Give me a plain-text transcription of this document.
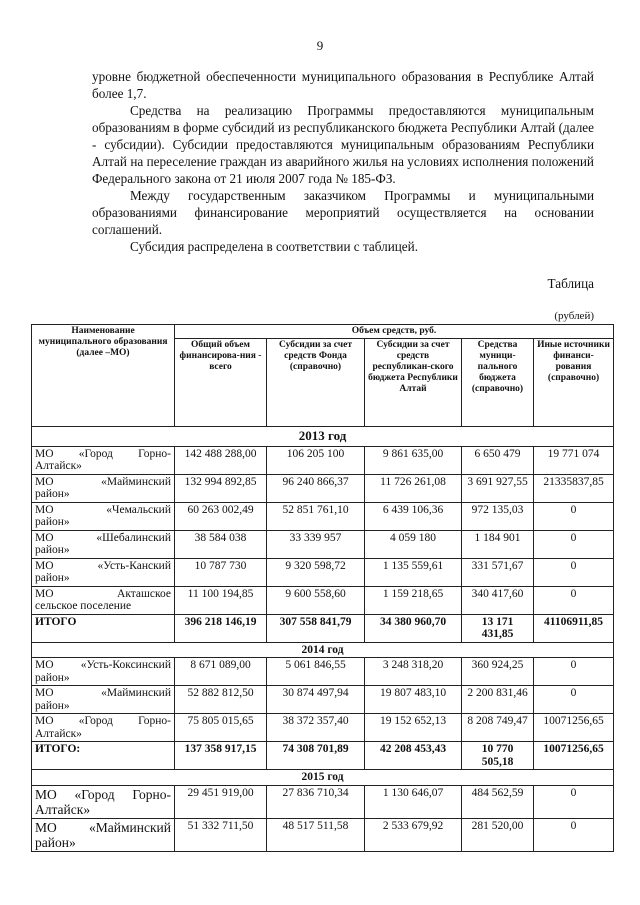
9

уровне бюджетной обеспеченности муниципального образования в Республике Алтай более 1,7.

Средства на реализацию Программы предоставляются муниципальным образованиям в форме субсидий из республиканского бюджета Республики Алтай (далее - субсидии). Субсидии предоставляются муниципальным образованиям Республики Алтай на переселение граждан из аварийного жилья на условиях исполнения положений Федерального закона от 21 июля 2007 года № 185-ФЗ.

Между государственным заказчиком Программы и муниципальными образованиями финансирование мероприятий осуществляется на основании соглашений.

Субсидия распределена в соответствии с таблицей.

Таблица
(рублей)
Наименование муниципального образования (далее –МО)	Объем средств, руб.				
	Общий объем финансирова-ния - всего	Субсидии за счет средств Фонда (справочно)	Субсидии за счет средств республикан-ского бюджета Республики Алтай	Средства муници-пального бюджета (справочно)	Иные источники финанси-рования (справочно)
2013 год					

МО «Город Горно-
Алтайск»	142 488 288,00	106 205 100	9 861 635,00	6 650 479	19 771 074

МО «Майминский
район»	132 994 892,85	96 240 866,37	11 726 261,08	3 691 927,55	21335837,85

МО «Чемальский
район»	60 263 002,49	52 851 761,10	6 439 106,36	972 135,03	0

МО «Шебалинский
район»	38 584 038	33 339 957	4 059 180	1 184 901	0

МО «Усть-Канский
район»	10 787 730	9 320 598,72	1 135 559,61	331 571,67	0

МО Акташское
сельское поселение	11 100 194,85	9 600 558,60	1 159 218,65	340 417,60	0
ИТОГО	396 218 146,19	307 558 841,79	34 380 960,70	13 171 431,85	41106911,85
2014 год					

МО «Усть-Коксинский
район»	8 671 089,00	5 061 846,55	3 248 318,20	360 924,25	0

МО «Майминский
район»	52 882 812,50	30 874 497,94	19 807 483,10	2 200 831,46	0

МО «Город Горно-
Алтайск»	75 805 015,65	38 372 357,40	19 152 652,13	8 208 749,47	10071256,65
ИТОГО:	137 358 917,15	74 308 701,89	42 208 453,43	10 770 505,18	10071256,65
2015 год					

МО «Город Горно-
Алтайск»	29 451 919,00	27 836 710,34	1 130 646,07	484 562,59	0

МО «Майминский
район»	51 332 711,50	48 517 511,58	2 533 679,92	281 520,00	0
